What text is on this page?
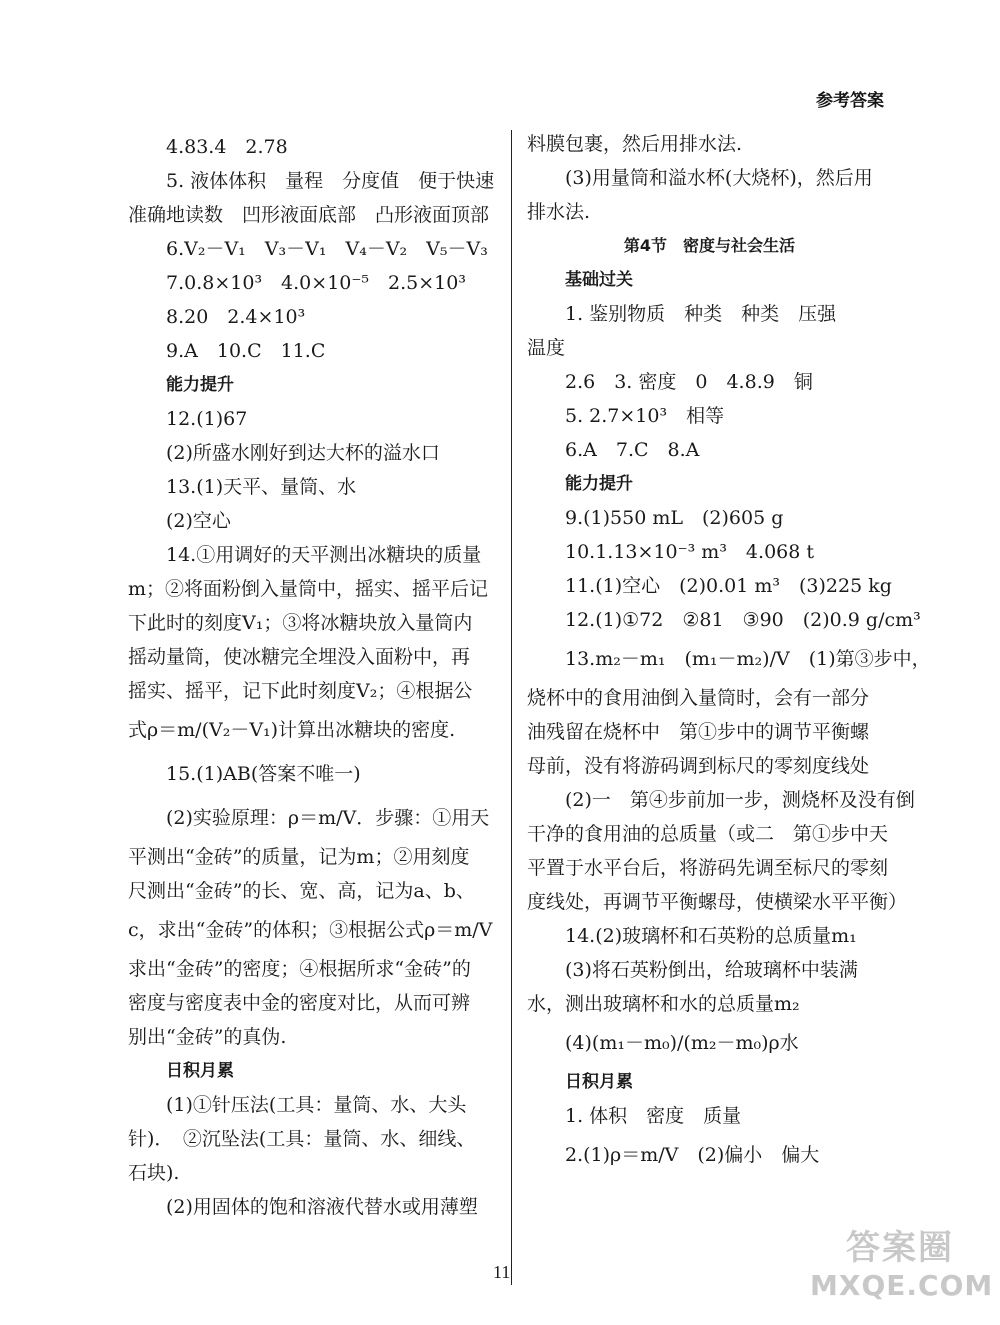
参考答案
4.83.4　2.78
5. 液体体积　量程　分度值　便于快速
准确地读数　凹形液面底部　凸形液面顶部
6.V₂－V₁　V₃－V₁　V₄－V₂　V₅－V₃
7.0.8×10³　4.0×10⁻⁵　2.5×10³
8.20　2.4×10³
9.A　10.C　11.C
能力提升
12.(1)67
(2)所盛水刚好到达大杯的溢水口
13.(1)天平、量筒、水
(2)空心
14.①用调好的天平测出冰糖块的质量
m；②将面粉倒入量筒中，摇实、摇平后记
下此时的刻度V₁；③将冰糖块放入量筒内
摇动量筒，使冰糖完全埋没入面粉中，再
摇实、摇平，记下此时刻度V₂；④根据公
式ρ＝m/(V₂－V₁)计算出冰糖块的密度.
15.(1)AB(答案不唯一)
(2)实验原理：ρ＝m/V．步骤：①用天
平测出“金砖”的质量，记为m；②用刻度
尺测出“金砖”的长、宽、高，记为a、b、
c，求出“金砖”的体积；③根据公式ρ＝m/V
求出“金砖”的密度；④根据所求“金砖”的
密度与密度表中金的密度对比，从而可辨
别出“金砖”的真伪.
日积月累
(1)①针压法(工具：量筒、水、大头
针)．　②沉坠法(工具：量筒、水、细线、
石块).
(2)用固体的饱和溶液代替水或用薄塑
料膜包裹，然后用排水法.
(3)用量筒和溢水杯(大烧杯)，然后用
排水法.
第4节　密度与社会生活
基础过关
1. 鉴别物质　种类　种类　压强
温度
2.6　3. 密度　0　4.8.9　铜
5. 2.7×10³　相等
6.A　7.C　8.A
能力提升
9.(1)550 mL　(2)605 g
10.1.13×10⁻³ m³　4.068 t
11.(1)空心　(2)0.01 m³　(3)225 kg
12.(1)①72　②81　③90　(2)0.9 g/cm³
13.m₂－m₁　(m₁－m₂)/V　(1)第③步中，
烧杯中的食用油倒入量筒时，会有一部分
油残留在烧杯中　第①步中的调节平衡螺
母前，没有将游码调到标尺的零刻度线处
(2)一　第④步前加一步，测烧杯及没有倒
干净的食用油的总质量（或二　第①步中天
平置于水平台后，将游码先调至标尺的零刻
度线处，再调节平衡螺母，使横梁水平平衡）
14.(2)玻璃杯和石英粉的总质量m₁
(3)将石英粉倒出，给玻璃杯中装满
水，测出玻璃杯和水的总质量m₂
(4)(m₁－m₀)/(m₂－m₀)ρ水
日积月累
1. 体积　密度　质量
2.(1)ρ＝m/V　(2)偏小　偏大
11
答案圈
MXQE.COM
